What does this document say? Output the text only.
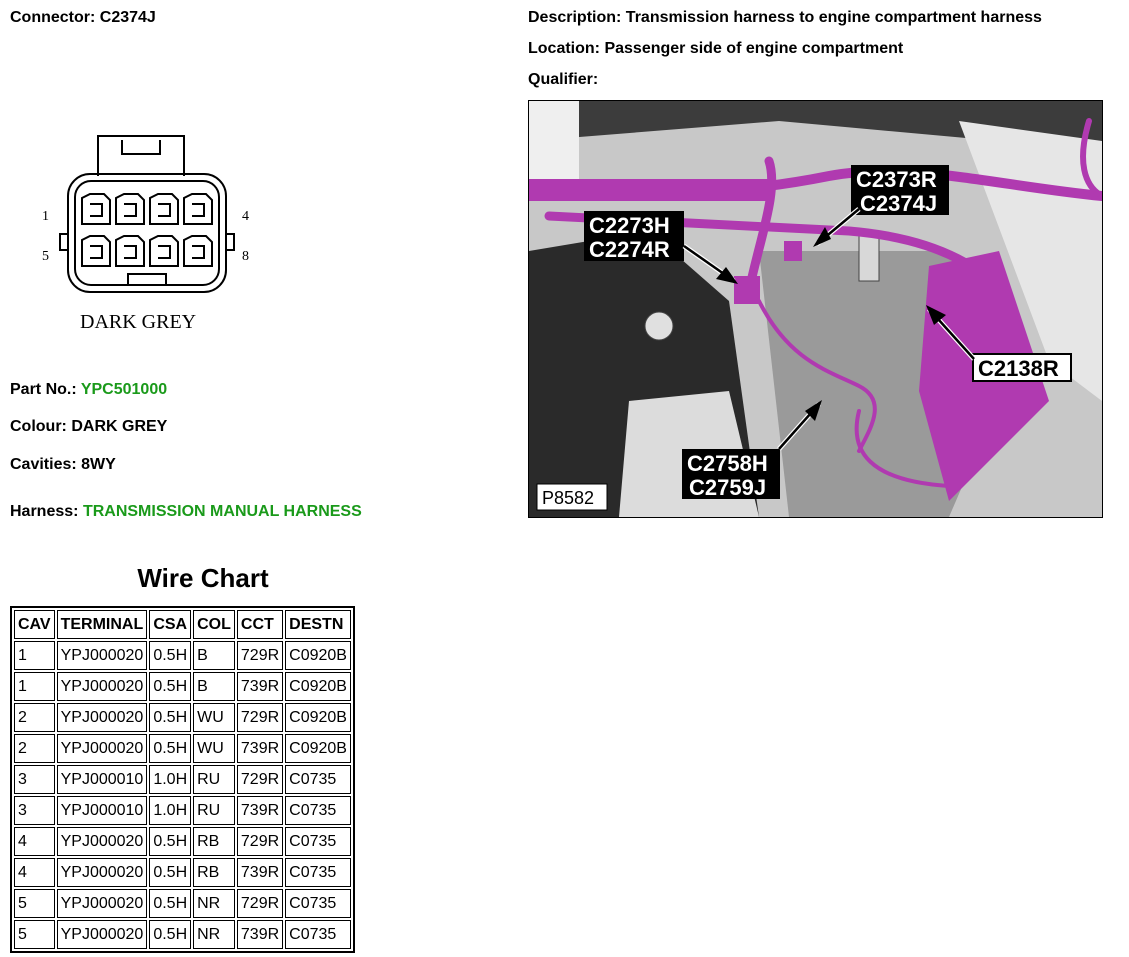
Connector: C2374J
1	4
5	8
DARK GREY
Part No.: YPC501000
Colour: DARK GREY
Cavities: 8WY
Harness: TRANSMISSION MANUAL HARNESS
Wire Chart
CAV	TERMINAL	CSA	COL	CCT	DESTN
1	YPJ000020	0.5H	B	729R	C0920B
1	YPJ000020	0.5H	B	739R	C0920B
2	YPJ000020	0.5H	WU	729R	C0920B
2	YPJ000020	0.5H	WU	739R	C0920B
3	YPJ000010	1.0H	RU	729R	C0735
3	YPJ000010	1.0H	RU	739R	C0735
4	YPJ000020	0.5H	RB	729R	C0735
4	YPJ000020	0.5H	RB	739R	C0735
5	YPJ000020	0.5H	NR	729R	C0735
5	YPJ000020	0.5H	NR	739R	C0735
Description: Transmission harness to engine compartment harness
Location: Passenger side of engine compartment
Qualifier:
C2373R
C2374J
C2273H
C2274R
C2138R
C2758H
C2759J
P8582
